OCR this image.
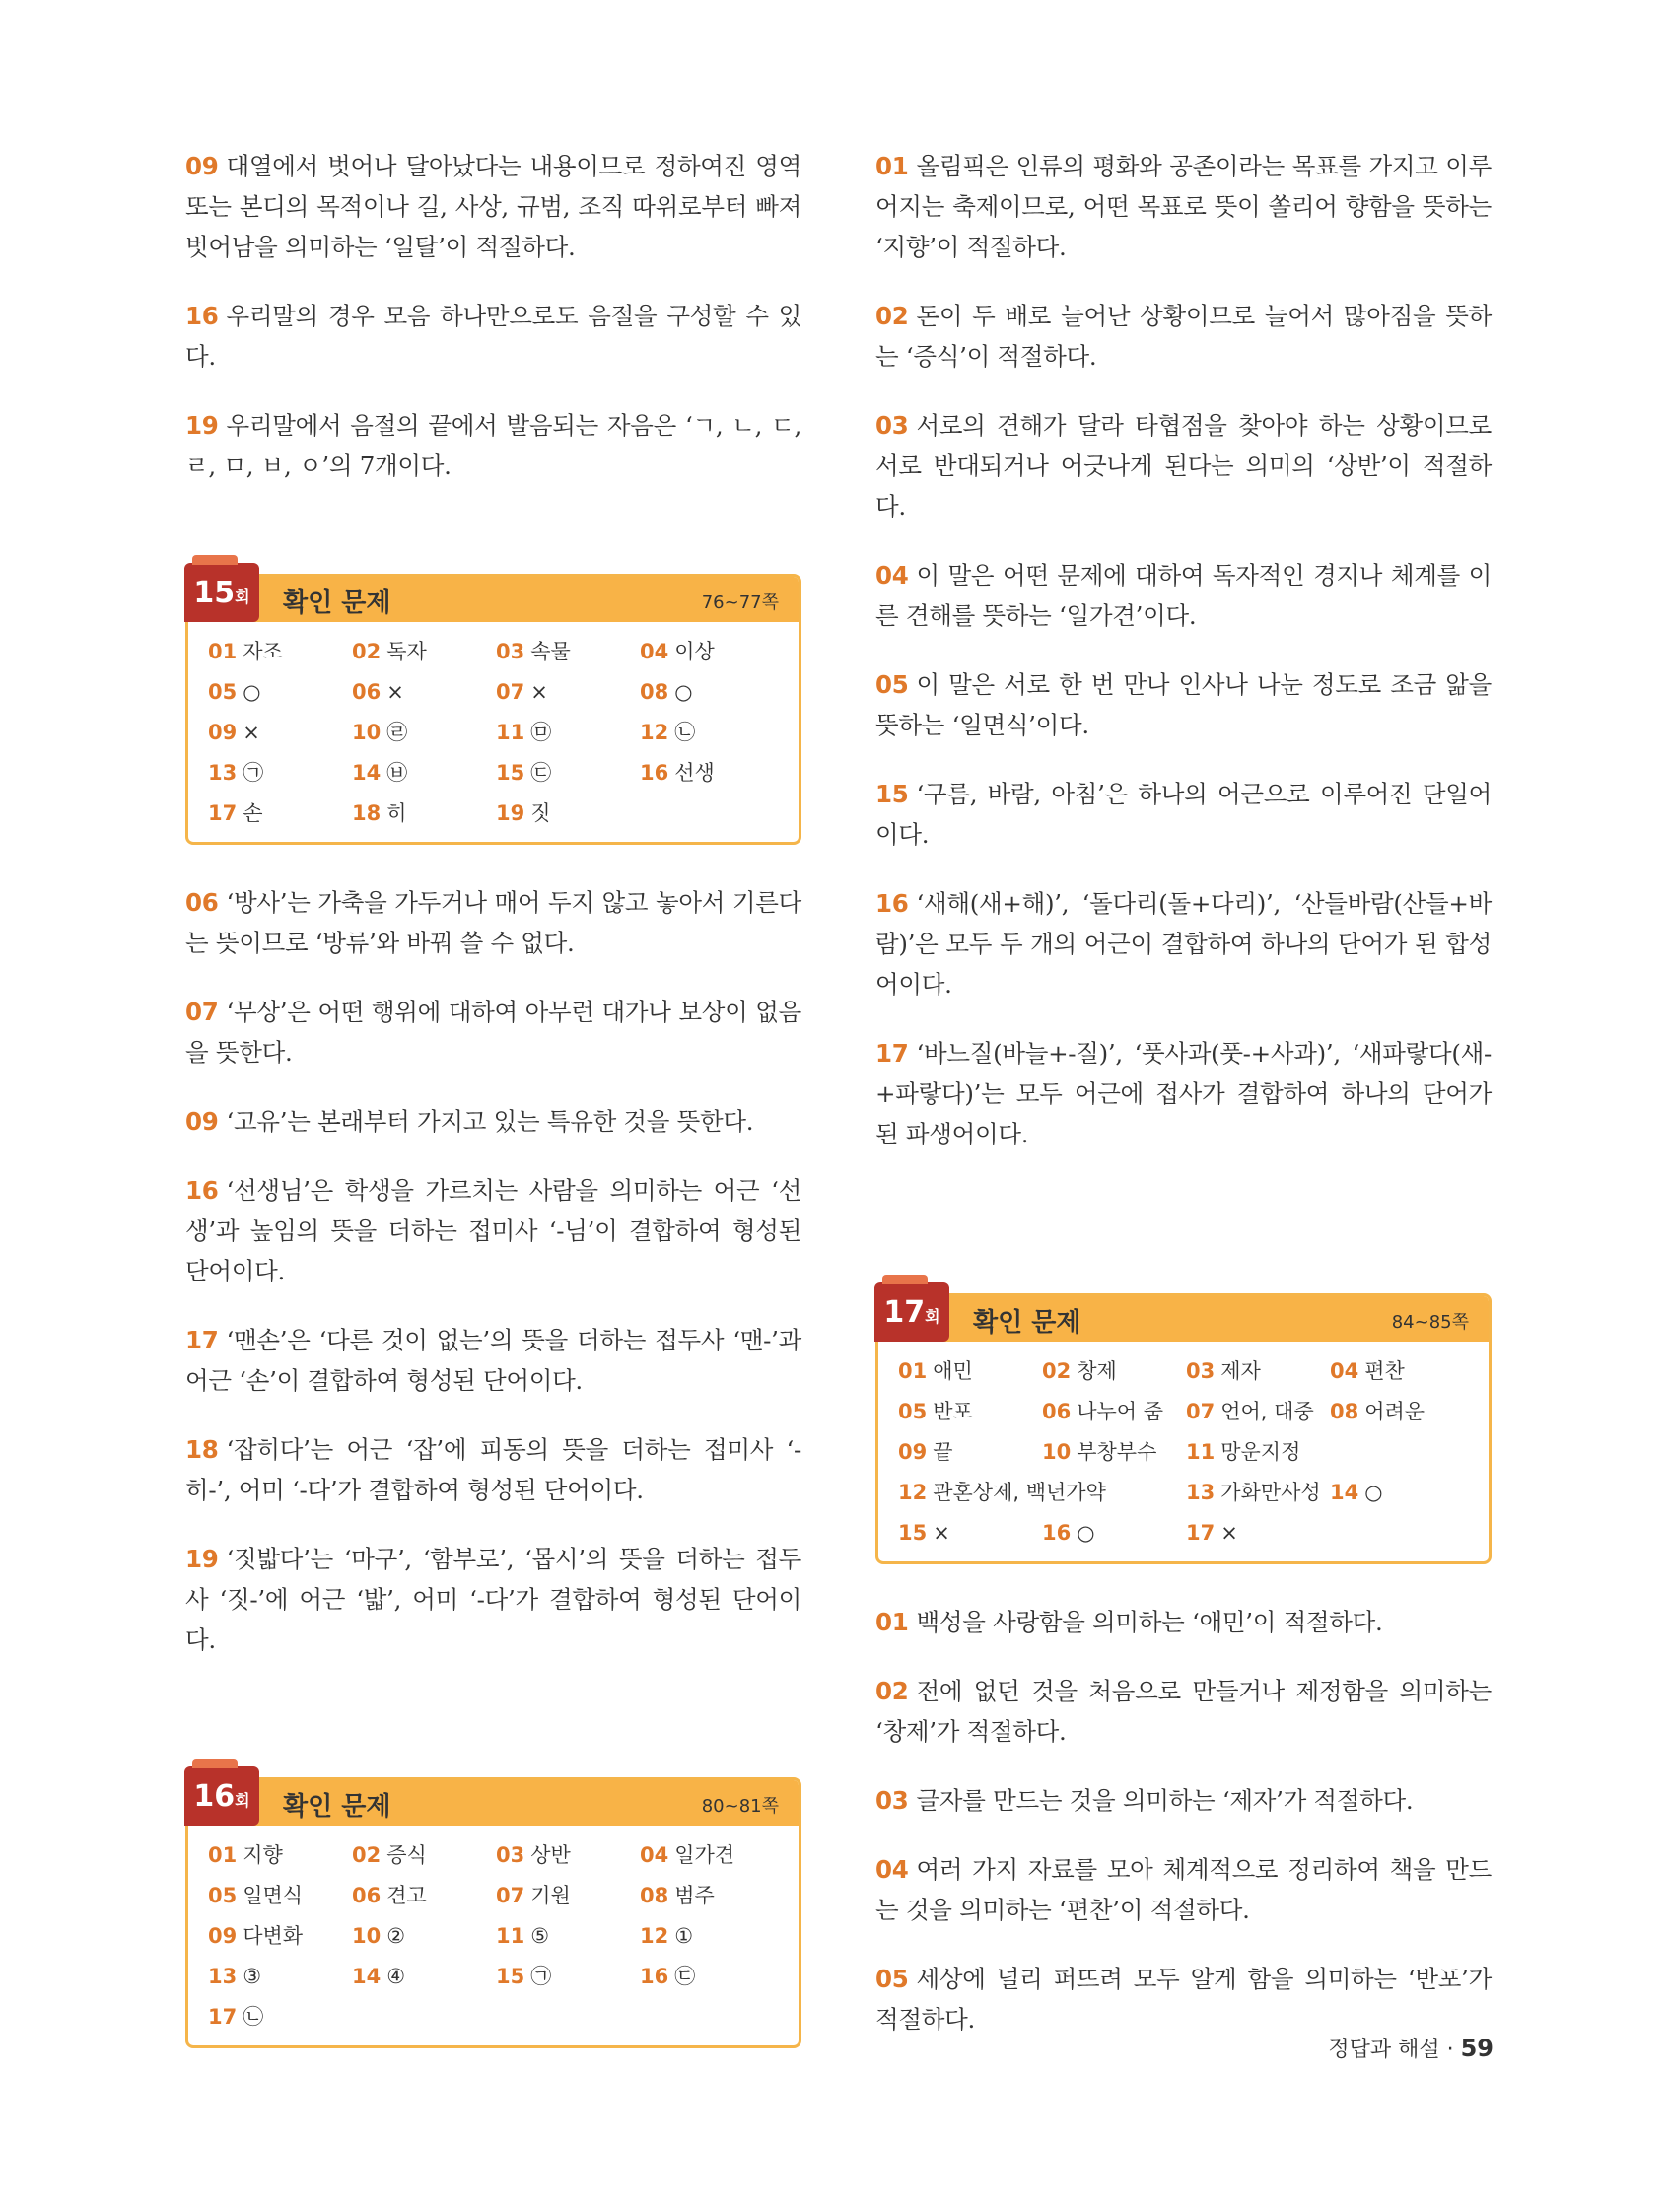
09 대열에서 벗어나 달아났다는 내용이므로 정하여진 영역 또는 본디의 목적이나 길, 사상, 규범, 조직 따위로부터 빠져 벗어남을 의미하는 ‘일탈’이 적절하다.

16 우리말의 경우 모음 하나만으로도 음절을 구성할 수 있다.

19 우리말에서 음절의 끝에서 발음되는 자음은 ‘ㄱ, ㄴ, ㄷ, ㄹ, ㅁ, ㅂ, ㅇ’의 7개이다.

15회	확인 문제	76~77쪽
01 자조	02 독자	03 속물	04 이상
05 ○	06 ×	07 ×	08 ○
09 ×	10 ㉣	11 ㉤	12 ㉡
13 ㉠	14 ㉥	15 ㉢	16 선생
17 손	18 히	19 짓

06 ‘방사’는 가축을 가두거나 매어 두지 않고 놓아서 기른다는 뜻이므로 ‘방류’와 바꿔 쓸 수 없다.

07 ‘무상’은 어떤 행위에 대하여 아무런 대가나 보상이 없음을 뜻한다.

09 ‘고유’는 본래부터 가지고 있는 특유한 것을 뜻한다.

16 ‘선생님’은 학생을 가르치는 사람을 의미하는 어근 ‘선생’과 높임의 뜻을 더하는 접미사 ‘-님’이 결합하여 형성된 단어이다.

17 ‘맨손’은 ‘다른 것이 없는’의 뜻을 더하는 접두사 ‘맨-’과 어근 ‘손’이 결합하여 형성된 단어이다.

18 ‘잡히다’는 어근 ‘잡’에 피동의 뜻을 더하는 접미사 ‘-히-’, 어미 ‘-다’가 결합하여 형성된 단어이다.

19 ‘짓밟다’는 ‘마구’, ‘함부로’, ‘몹시’의 뜻을 더하는 접두사 ‘짓-’에 어근 ‘밟’, 어미 ‘-다’가 결합하여 형성된 단어이다.

16회	확인 문제	80~81쪽
01 지향	02 증식	03 상반	04 일가견
05 일면식	06 견고	07 기원	08 범주
09 다변화	10 ②	11 ⑤	12 ①
13 ③	14 ④	15 ㉠	16 ㉢
17 ㉡

01 올림픽은 인류의 평화와 공존이라는 목표를 가지고 이루어지는 축제이므로, 어떤 목표로 뜻이 쏠리어 향함을 뜻하는 ‘지향’이 적절하다.

02 돈이 두 배로 늘어난 상황이므로 늘어서 많아짐을 뜻하는 ‘증식’이 적절하다.

03 서로의 견해가 달라 타협점을 찾아야 하는 상황이므로 서로 반대되거나 어긋나게 된다는 의미의 ‘상반’이 적절하다.

04 이 말은 어떤 문제에 대하여 독자적인 경지나 체계를 이른 견해를 뜻하는 ‘일가견’이다.

05 이 말은 서로 한 번 만나 인사나 나눈 정도로 조금 앎을 뜻하는 ‘일면식’이다.

15 ‘구름, 바람, 아침’은 하나의 어근으로 이루어진 단일어이다.

16 ‘새해(새+해)’, ‘돌다리(돌+다리)’, ‘산들바람(산들+바람)’은 모두 두 개의 어근이 결합하여 하나의 단어가 된 합성어이다.

17 ‘바느질(바늘+-질)’, ‘풋사과(풋-+사과)’, ‘새파랗다(새-+파랗다)’는 모두 어근에 접사가 결합하여 하나의 단어가 된 파생어이다.

17회	확인 문제	84~85쪽
01 애민	02 창제	03 제자	04 편찬
05 반포	06 나누어 줌	07 언어, 대중 08 어려운
09 끝	10 부창부수	11 망운지정
12 관혼상제, 백년가약	13 가화만사성 14 ○
15 ×	16 ○	17 ×

01 백성을 사랑함을 의미하는 ‘애민’이 적절하다.

02 전에 없던 것을 처음으로 만들거나 제정함을 의미하는 ‘창제’가 적절하다.

03 글자를 만드는 것을 의미하는 ‘제자’가 적절하다.

04 여러 가지 자료를 모아 체계적으로 정리하여 책을 만드는 것을 의미하는 ‘편찬’이 적절하다.

05 세상에 널리 퍼뜨려 모두 알게 함을 의미하는 ‘반포’가 적절하다.

정답과 해설 · 59
